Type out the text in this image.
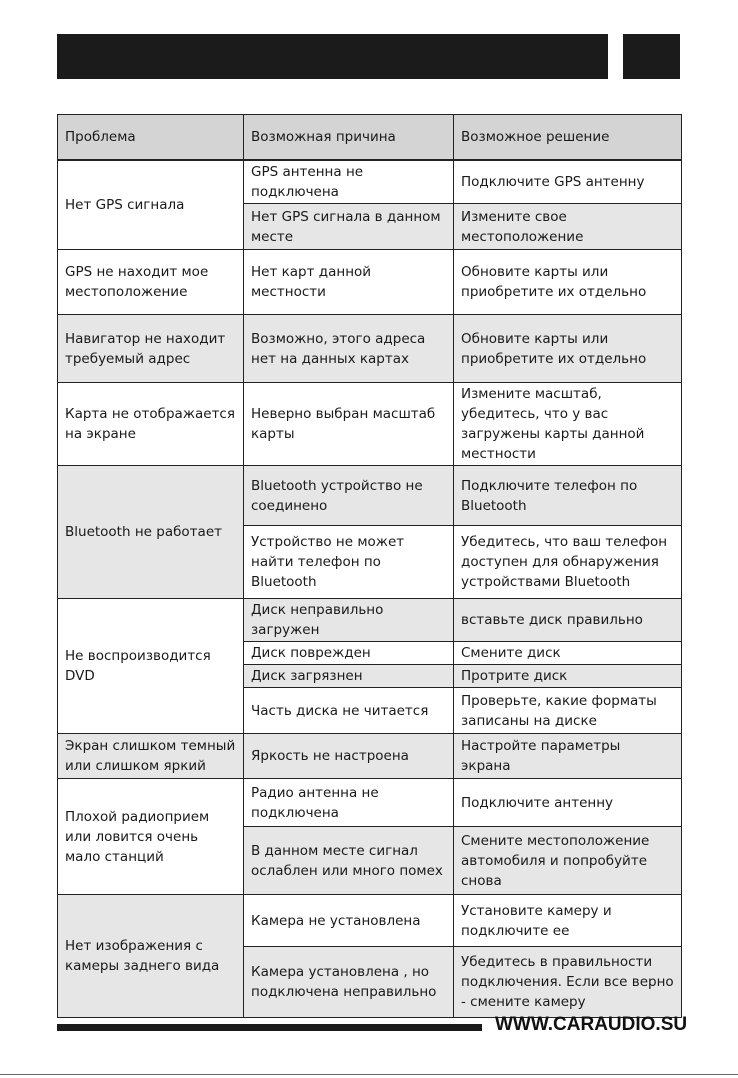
Проблема	Возможная причина	Возможное решение
Нет GPS сигнала	GPS антенна не подключена	Подключите GPS антенну
	Нет GPS сигнала в данном месте	Измените свое местоположение
GPS не находит мое местоположение	Нет карт данной местности	Обновите карты или приобретите их отдельно
Навигатор не находит требуемый адрес	Возможно, этого адреса нет на данных картах	Обновите карты или приобретите их отдельно
Карта не отображается на экране	Неверно выбран масштаб карты	Измените масштаб, убедитесь, что у вас загружены карты данной местности
Bluetooth не работает	Bluetooth устройство не соединено	Подключите телефон по Bluetooth
	Устройство не может найти телефон по Bluetooth	Убедитесь, что ваш телефон доступен для обнаружения устройствами Bluetooth
Не воспроизводится DVD	Диск неправильно загружен	вставьте диск правильно
	Диск поврежден	Смените диск
	Диск загрязнен	Протрите диск
	Часть диска не читается	Проверьте, какие форматы записаны на диске
Экран слишком темный или слишком яркий	Яркость не настроена	Настройте параметры экрана
Плохой радиоприем или ловится очень мало станций	Радио антенна не подключена	Подключите антенну
	В данном месте сигнал ослаблен или много помех	Смените местоположение автомобиля и попробуйте снова
Нет изображения с камеры заднего вида	Камера не установлена	Установите камеру и подключите ее
	Камера установлена , но подключена неправильно	Убедитесь в правильности подключения. Если все верно - смените камеру
WWW.CARAUDIO.SU
